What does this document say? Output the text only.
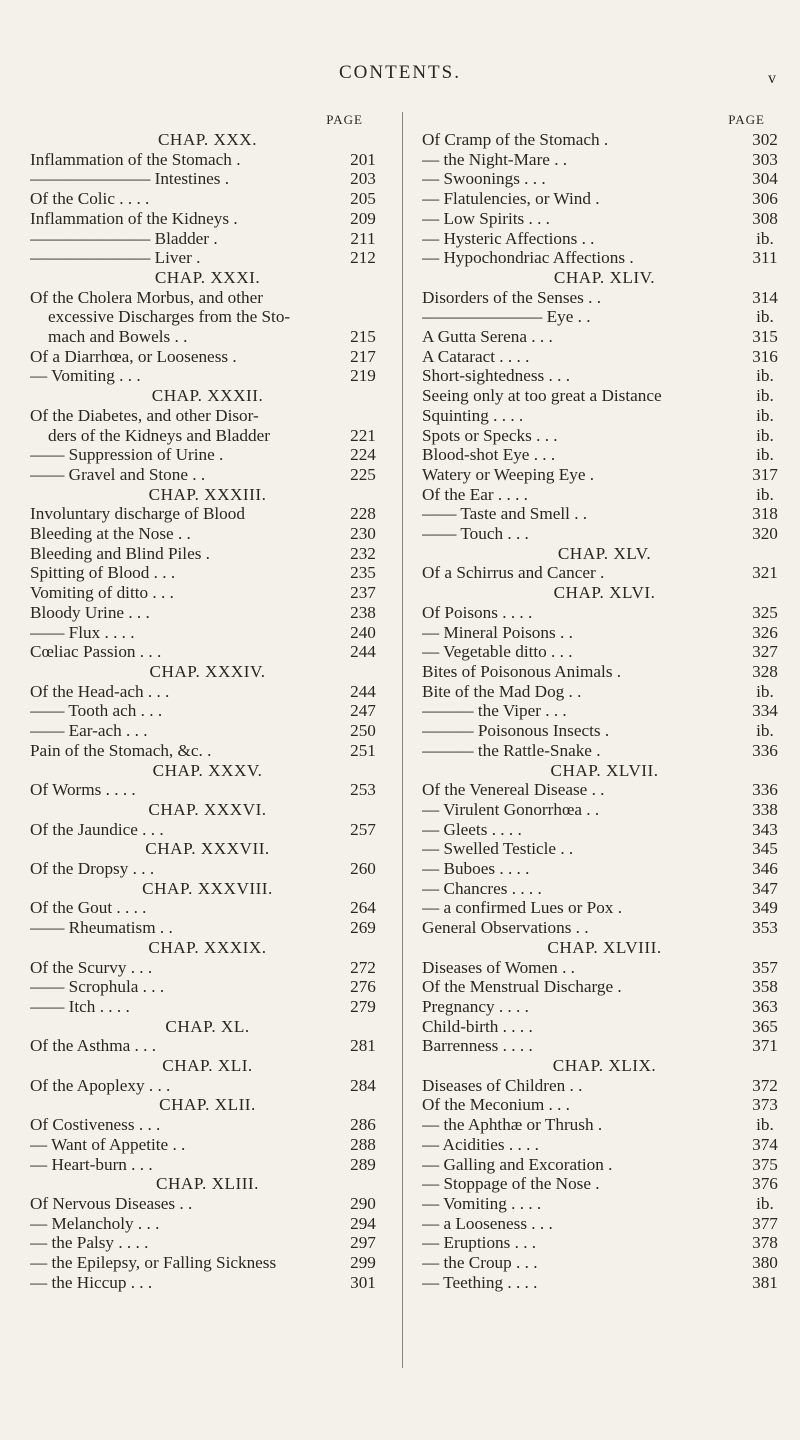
CONTENTS.	v
PAGE
CHAP. XXX.
Inflammation of the Stomach .	201
——————— Intestines .	203
Of the Colic . . . .	205
Inflammation of the Kidneys .	209
——————— Bladder .	211
——————— Liver .	212
CHAP. XXXI.
Of the Cholera Morbus, and other
excessive Discharges from the Sto-
mach and Bowels . .	215
Of a Diarrhœa, or Looseness .	217
— Vomiting . . .	219
CHAP. XXXII.
Of the Diabetes, and other Disor-
ders of the Kidneys and Bladder	221
—— Suppression of Urine .	224
—— Gravel and Stone . .	225
CHAP. XXXIII.
Involuntary discharge of Blood	228
Bleeding at the Nose . .	230
Bleeding and Blind Piles .	232
Spitting of Blood . . .	235
Vomiting of ditto . . .	237
Bloody Urine . . .	238
—— Flux . . . .	240
Cœliac Passion . . .	244
CHAP. XXXIV.
Of the Head-ach . . .	244
—— Tooth ach . . .	247
—— Ear-ach . . .	250
Pain of the Stomach, &c. .	251
CHAP. XXXV.
Of Worms . . . .	253
CHAP. XXXVI.
Of the Jaundice . . .	257
CHAP. XXXVII.
Of the Dropsy . . .	260
CHAP. XXXVIII.
Of the Gout . . . .	264
—— Rheumatism . .	269
CHAP. XXXIX.
Of the Scurvy . . .	272
—— Scrophula . . .	276
—— Itch . . . .	279
CHAP. XL.
Of the Asthma . . .	281
CHAP. XLI.
Of the Apoplexy . . .	284
CHAP. XLII.
Of Costiveness . . .	286
— Want of Appetite . .	288
— Heart-burn . . .	289
CHAP. XLIII.
Of Nervous Diseases . .	290
— Melancholy . . .	294
— the Palsy . . . .	297
— the Epilepsy, or Falling Sickness	299
— the Hiccup . . .	301
PAGE
Of Cramp of the Stomach .	302
— the Night-Mare . .	303
— Swoonings . . .	304
— Flatulencies, or Wind .	306
— Low Spirits . . .	308
— Hysteric Affections . .	ib.
— Hypochondriac Affections .	311
CHAP. XLIV.
Disorders of the Senses . .	314
——————— Eye . .	ib.
A Gutta Serena . . .	315
A Cataract . . . .	316
Short-sightedness . . .	ib.
Seeing only at too great a Distance	ib.
Squinting . . . .	ib.
Spots or Specks . . .	ib.
Blood-shot Eye . . .	ib.
Watery or Weeping Eye .	317
Of the Ear . . . .	ib.
—— Taste and Smell . .	318
—— Touch . . .	320
CHAP. XLV.
Of a Schirrus and Cancer .	321
CHAP. XLVI.
Of Poisons . . . .	325
— Mineral Poisons . .	326
— Vegetable ditto . . .	327
Bites of Poisonous Animals .	328
Bite of the Mad Dog . .	ib.
——— the Viper . . .	334
——— Poisonous Insects .	ib.
——— the Rattle-Snake .	336
CHAP. XLVII.
Of the Venereal Disease . .	336
— Virulent Gonorrhœa . .	338
— Gleets . . . .	343
— Swelled Testicle . .	345
— Buboes . . . .	346
— Chancres . . . .	347
— a confirmed Lues or Pox .	349
General Observations . .	353
CHAP. XLVIII.
Diseases of Women . .	357
Of the Menstrual Discharge .	358
Pregnancy . . . .	363
Child-birth . . . .	365
Barrenness . . . .	371
CHAP. XLIX.
Diseases of Children . .	372
Of the Meconium . . .	373
— the Aphthæ or Thrush .	ib.
— Acidities . . . .	374
— Galling and Excoration .	375
— Stoppage of the Nose .	376
— Vomiting . . . .	ib.
— a Looseness . . .	377
— Eruptions . . .	378
— the Croup . . .	380
— Teething . . . .	381
